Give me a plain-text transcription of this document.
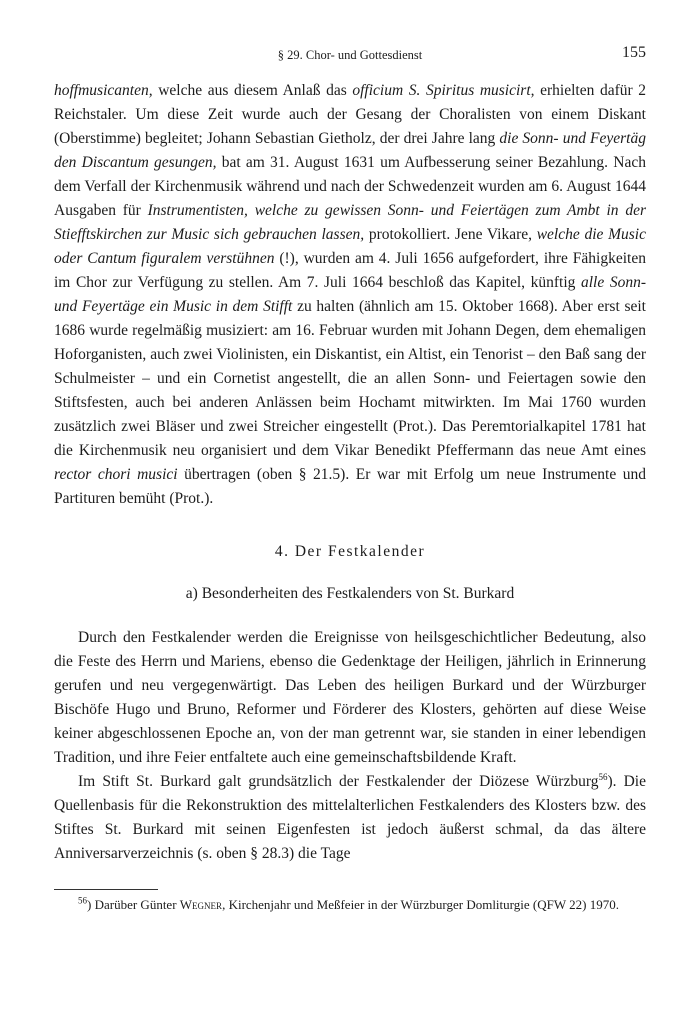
§ 29. Chor- und Gottesdienst	155

hoffmusicanten, welche aus diesem Anlaß das officium S. Spiritus musicirt, erhielten dafür 2 Reichstaler. Um diese Zeit wurde auch der Gesang der Choralisten von einem Diskant (Oberstimme) begleitet; Johann Sebastian Gietholz, der drei Jahre lang die Sonn- und Feyertäg den Discantum gesungen, bat am 31. August 1631 um Aufbesserung seiner Bezahlung. Nach dem Verfall der Kirchenmusik während und nach der Schwedenzeit wurden am 6. August 1644 Ausgaben für Instrumentisten, welche zu gewissen Sonn- und Feiertägen zum Ambt in der Stiefftskirchen zur Music sich gebrauchen lassen, protokolliert. Jene Vikare, welche die Music oder Cantum figuralem verstühnen (!), wurden am 4. Juli 1656 aufgefordert, ihre Fähigkeiten im Chor zur Verfügung zu stellen. Am 7. Juli 1664 beschloß das Kapitel, künftig alle Sonn- und Feyertäge ein Music in dem Stifft zu halten (ähnlich am 15. Oktober 1668). Aber erst seit 1686 wurde regelmäßig musiziert: am 16. Februar wurden mit Johann Degen, dem ehemaligen Hoforganisten, auch zwei Violinisten, ein Diskantist, ein Altist, ein Tenorist – den Baß sang der Schulmeister – und ein Cornetist angestellt, die an allen Sonn- und Feiertagen sowie den Stiftsfesten, auch bei anderen Anlässen beim Hochamt mitwirkten. Im Mai 1760 wurden zusätzlich zwei Bläser und zwei Streicher eingestellt (Prot.). Das Peremtorialkapitel 1781 hat die Kirchenmusik neu organisiert und dem Vikar Benedikt Pfeffermann das neue Amt eines rector chori musici übertragen (oben § 21.5). Er war mit Erfolg um neue Instrumente und Partituren bemüht (Prot.).

4. Der Festkalender
a) Besonderheiten des Festkalenders von St. Burkard

Durch den Festkalender werden die Ereignisse von heilsgeschichtlicher Bedeutung, also die Feste des Herrn und Mariens, ebenso die Gedenktage der Heiligen, jährlich in Erinnerung gerufen und neu vergegenwärtigt. Das Leben des heiligen Burkard und der Würzburger Bischöfe Hugo und Bruno, Reformer und Förderer des Klosters, gehörten auf diese Weise keiner abgeschlossenen Epoche an, von der man getrennt war, sie standen in einer lebendigen Tradition, und ihre Feier entfaltete auch eine gemeinschaftsbildende Kraft.

Im Stift St. Burkard galt grundsätzlich der Festkalender der Diözese Würzburg$^{56}$). Die Quellenbasis für die Rekonstruktion des mittelalterlichen Festkalenders des Klosters bzw. des Stiftes St. Burkard mit seinen Eigenfesten ist jedoch äußerst schmal, da das ältere Anniversarverzeichnis (s. oben § 28.3) die Tage

$^{56}$) Darüber Günter Wegner, Kirchenjahr und Meßfeier in der Würzburger Domliturgie (QFW 22) 1970.
